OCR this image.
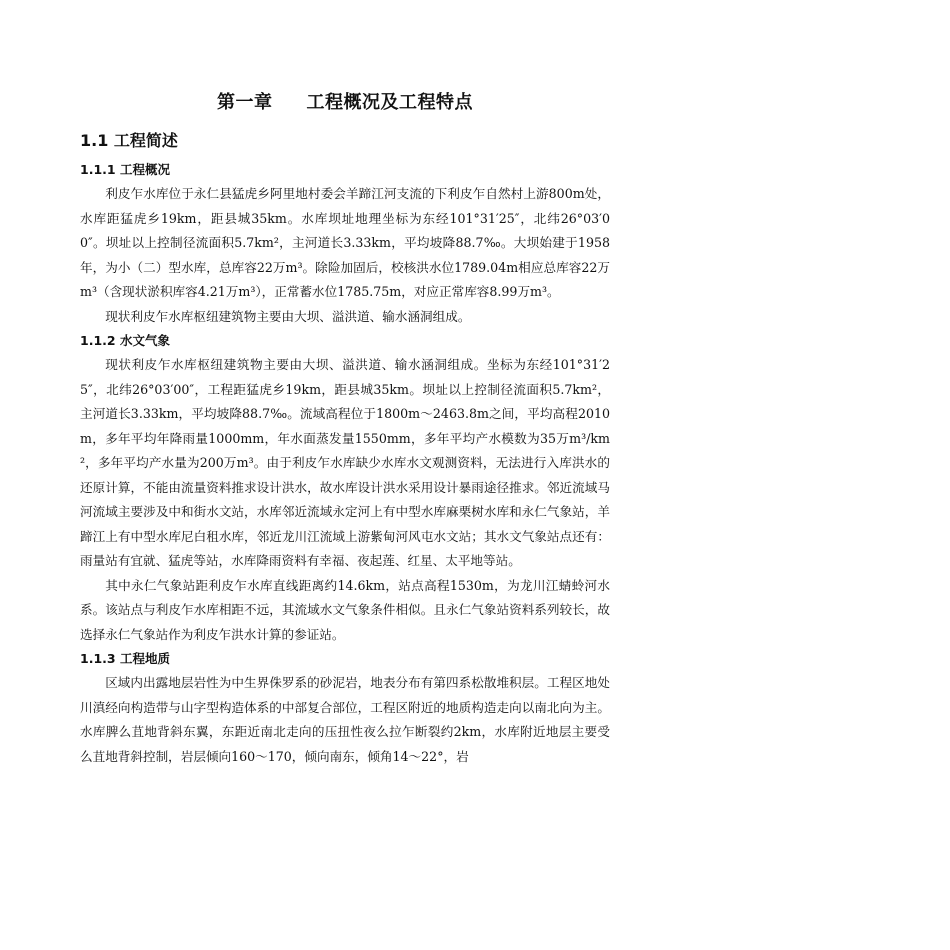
第一章 工程概况及工程特点
1.1 工程简述
1.1.1 工程概况

利皮乍水库位于永仁县猛虎乡阿里地村委会羊蹄江河支流的下利皮乍自然村上游800m处，水库距猛虎乡19km，距县城35km。水库坝址地理坐标为东经101°31′25″，北纬26°03′00″。坝址以上控制径流面积5.7km²，主河道长3.33km，平均坡降88.7‰。大坝始建于1958年，为小（二）型水库，总库容22万m³。除险加固后，校核洪水位1789.04m相应总库容22万m³（含现状淤积库容4.21万m³），正常蓄水位1785.75m，对应正常库容8.99万m³。

现状利皮乍水库枢纽建筑物主要由大坝、溢洪道、输水涵洞组成。

1.1.2 水文气象

现状利皮乍水库枢纽建筑物主要由大坝、溢洪道、输水涵洞组成。坐标为东经101°31′25″，北纬26°03′00″，工程距猛虎乡19km，距县城35km。坝址以上控制径流面积5.7km²，主河道长3.33km，平均坡降88.7‰。流域高程位于1800m～2463.8m之间，平均高程2010m，多年平均年降雨量1000mm，年水面蒸发量1550mm，多年平均产水模数为35万m³/km²，多年平均产水量为200万m³。由于利皮乍水库缺少水库水文观测资料，无法进行入库洪水的还原计算，不能由流量资料推求设计洪水，故水库设计洪水采用设计暴雨途径推求。邻近流域马河流域主要涉及中和街水文站，水库邻近流域永定河上有中型水库麻栗树水库和永仁气象站，羊蹄江上有中型水库尼白租水库，邻近龙川江流域上游紫甸河风屯水文站；其水文气象站点还有：雨量站有宜就、猛虎等站，水库降雨资料有幸福、夜起莲、红星、太平地等站。

其中永仁气象站距利皮乍水库直线距离约14.6km，站点高程1530m，为龙川江蜻蛉河水系。该站点与利皮乍水库相距不远，其流域水文气象条件相似。且永仁气象站资料系列较长，故选择永仁气象站作为利皮乍洪水计算的参证站。

1.1.3 工程地质

区域内出露地层岩性为中生界侏罗系的砂泥岩，地表分布有第四系松散堆积层。工程区地处川滇经向构造带与山字型构造体系的中部复合部位，工程区附近的地质构造走向以南北向为主。水库脾么苴地背斜东翼，东距近南北走向的压扭性夜么拉乍断裂约2km，水库附近地层主要受么苴地背斜控制，岩层倾向160～170，倾向南东，倾角14～22°，岩
